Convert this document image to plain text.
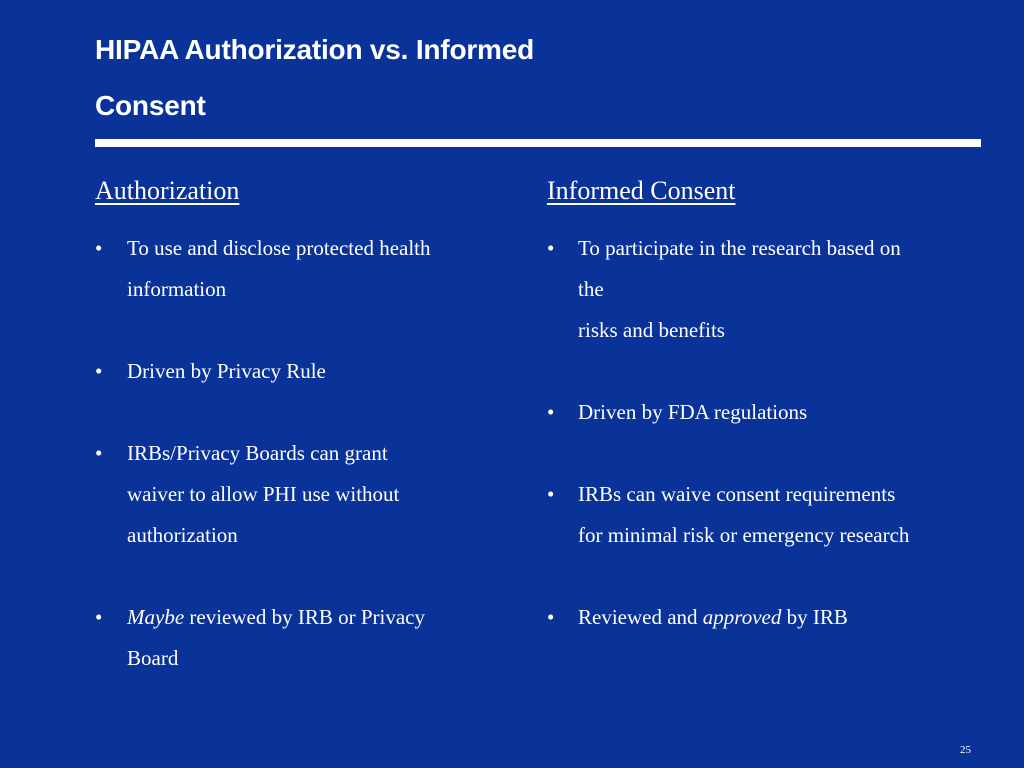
HIPAA Authorization vs. Informed
Consent
Authorization
• To use and disclose protected health
information
• Driven by Privacy Rule
• IRBs/Privacy Boards can grant
waiver to allow PHI use without
authorization
• Maybe reviewed by IRB or Privacy
Board
Informed Consent
• To participate in the research based on
the
risks and benefits
• Driven by FDA regulations
• IRBs can waive consent requirements
for minimal risk or emergency research
• Reviewed and approved by IRB
25
